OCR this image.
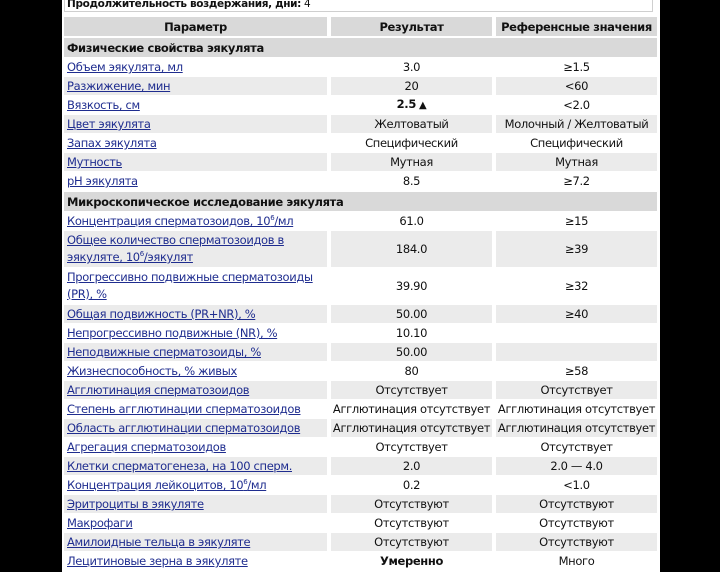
Продолжительность воздержания, дни: 4
Параметр	Результат	Референсные значения

Физические свойства эякулята		
Объем эякулята, мл	3.0	≥1.5
Разжижение, мин	20	<60
Вязкость, см	2.5 ▲	<2.0
Цвет эякулята	Желтоватый	Молочный / Желтоватый
Запах эякулята	Специфический	Специфический
Мутность	Мутная	Мутная
pH эякулята	8.5	≥7.2

Микроскопическое исследование эякулята		
Концентрация сперматозоидов, $10^6/мл$	61.0	≥15
Общее количество сперматозоидов в эякуляте, $10^6$/эякулят	184.0	≥39
Прогрессивно подвижные сперматозоиды (PR), %	39.90	≥32
Общая подвижность (PR+NR), %	50.00	≥40
Непрогрессивно подвижные (NR), %	10.10	
Неподвижные сперматозоиды, %	50.00	
Жизнеспособность, % живых	80	≥58
Агглютинация сперматозоидов	Отсутствует	Отсутствует
Степень агглютинации сперматозоидов	Агглютинация отсутствует	Агглютинация отсутствует
Область агглютинации сперматозоидов	Агглютинация отсутствует	Агглютинация отсутствует
Агрегация сперматозоидов	Отсутствует	Отсутствует
Клетки сперматогенеза, на 100 сперм.	2.0	2.0 — 4.0
Концентрация лейкоцитов, $10^6/мл$	0.2	<1.0
Эритроциты в эякуляте	Отсутствуют	Отсутствуют
Макрофаги	Отсутствуют	Отсутствуют
Амилоидные тельца в эякуляте	Отсутствуют	Отсутствуют
Лецитиновые зерна в эякуляте	Умеренно	Много
